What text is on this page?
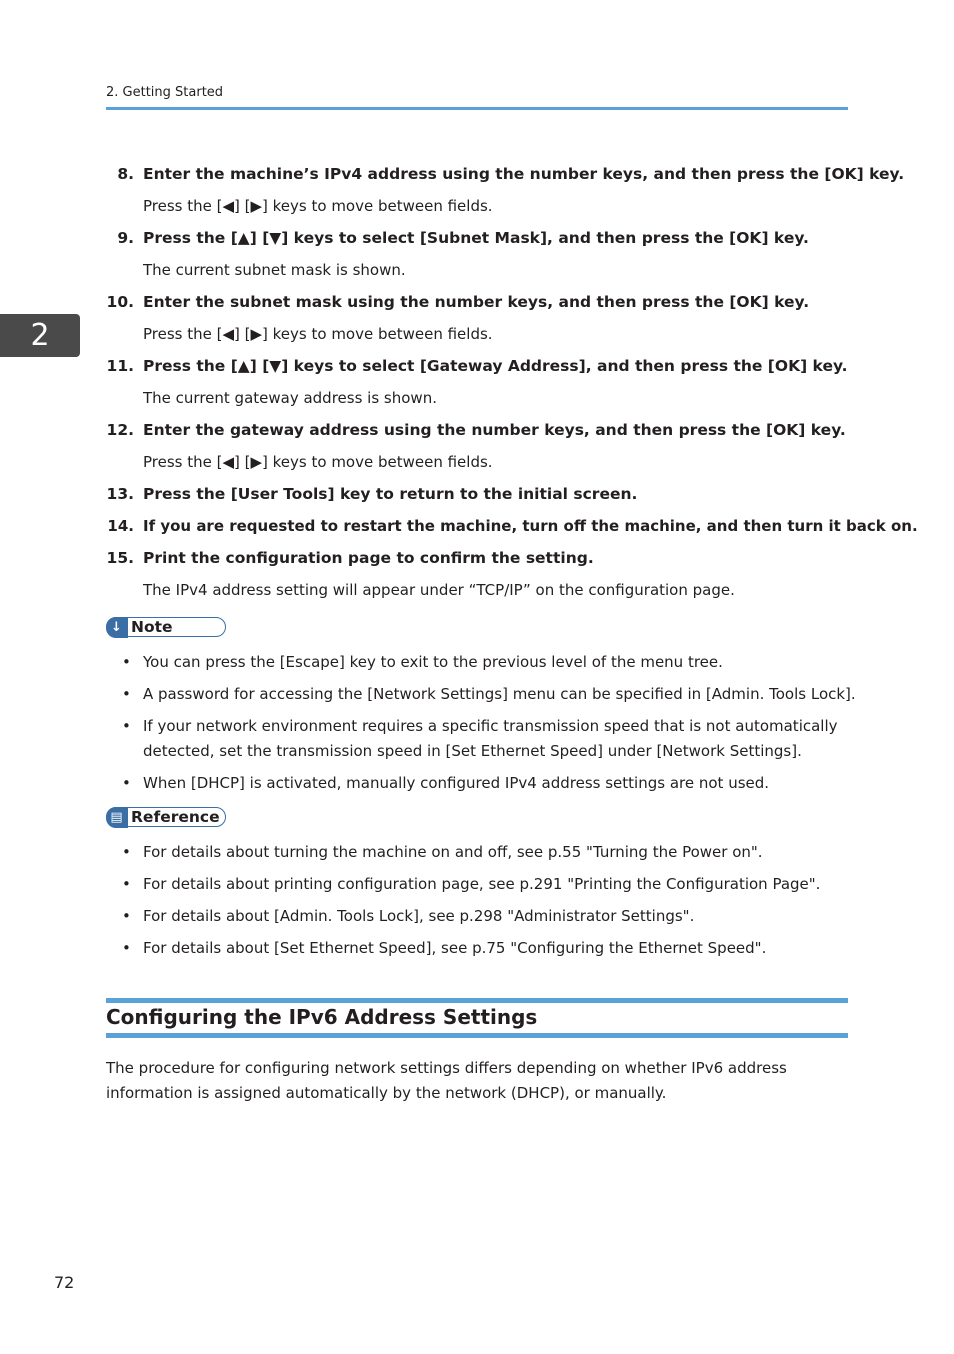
2. Getting Started
2
8. Enter the machine’s IPv4 address using the number keys, and then press the [OK] key.
Press the [◀] [▶] keys to move between fields.
9. Press the [▲] [▼] keys to select [Subnet Mask], and then press the [OK] key.
The current subnet mask is shown.
10. Enter the subnet mask using the number keys, and then press the [OK] key.
Press the [◀] [▶] keys to move between fields.
11. Press the [▲] [▼] keys to select [Gateway Address], and then press the [OK] key.
The current gateway address is shown.
12. Enter the gateway address using the number keys, and then press the [OK] key.
Press the [◀] [▶] keys to move between fields.
13. Press the [User Tools] key to return to the initial screen.
14. If you are requested to restart the machine, turn off the machine, and then turn it back on.
15. Print the configuration page to confirm the setting.
The IPv4 address setting will appear under “TCP/IP” on the configuration page.
↓ Note
• You can press the [Escape] key to exit to the previous level of the menu tree.
• A password for accessing the [Network Settings] menu can be specified in [Admin. Tools Lock].
• If your network environment requires a specific transmission speed that is not automatically detected, set the transmission speed in [Set Ethernet Speed] under [Network Settings].
• When [DHCP] is activated, manually configured IPv4 address settings are not used.
▤ Reference
• For details about turning the machine on and off, see p.55 "Turning the Power on".
• For details about printing configuration page, see p.291 "Printing the Configuration Page".
• For details about [Admin. Tools Lock], see p.298 "Administrator Settings".
• For details about [Set Ethernet Speed], see p.75 "Configuring the Ethernet Speed".
Configuring the IPv6 Address Settings
The procedure for configuring network settings differs depending on whether IPv6 address information is assigned automatically by the network (DHCP), or manually.
72
